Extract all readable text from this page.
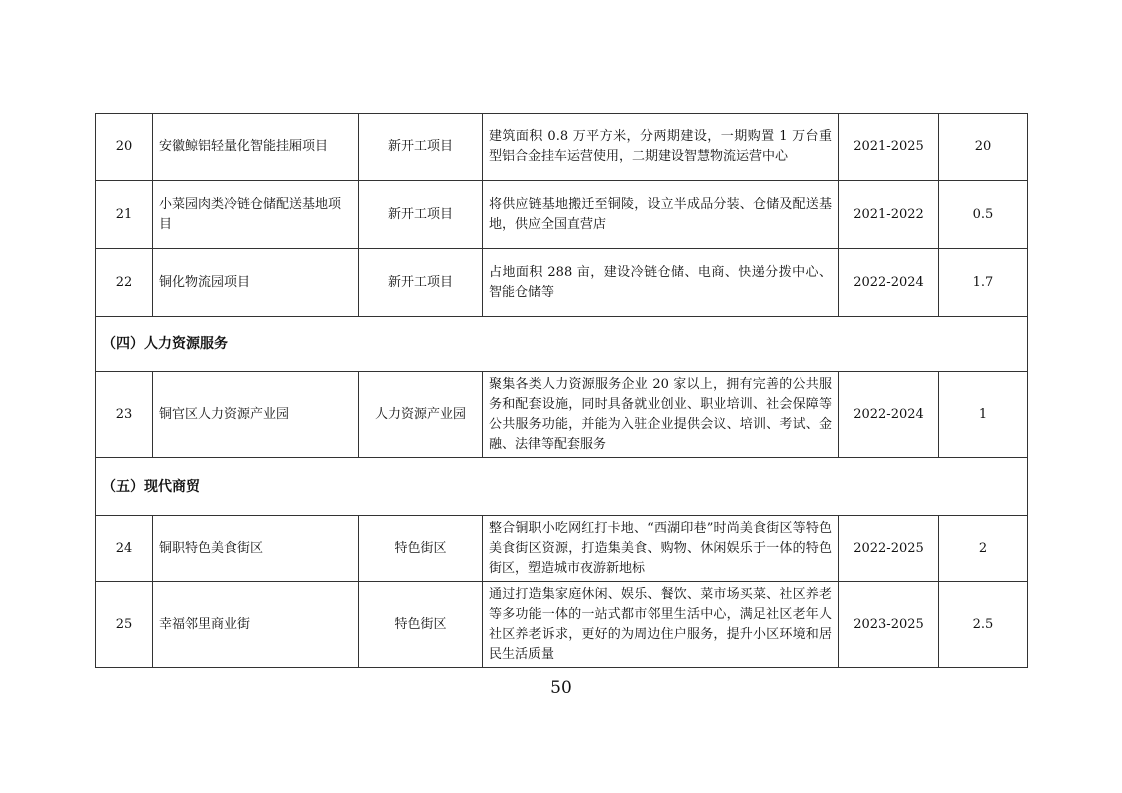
20	安徽鲸铝轻量化智能挂厢项目	新开工项目	建筑面积 0.8 万平方米，分两期建设，一期购置 1 万台重型铝合金挂车运营使用，二期建设智慧物流运营中心	2021-2025	20
21	小菜园肉类冷链仓储配送基地项目	新开工项目	将供应链基地搬迁至铜陵，设立半成品分装、仓储及配送基地，供应全国直营店	2021-2022	0.5
22	铜化物流园项目	新开工项目	占地面积 288 亩，建设冷链仓储、电商、快递分拨中心、智能仓储等	2022-2024	1.7
（四）人力资源服务					
23	铜官区人力资源产业园	人力资源产业园	聚集各类人力资源服务企业 20 家以上，拥有完善的公共服务和配套设施，同时具备就业创业、职业培训、社会保障等公共服务功能，并能为入驻企业提供会议、培训、考试、金融、法律等配套服务	2022-2024	1
（五）现代商贸					
24	铜职特色美食街区	特色街区	整合铜职小吃网红打卡地、“西湖印巷”时尚美食街区等特色美食街区资源，打造集美食、购物、休闲娱乐于一体的特色街区，塑造城市夜游新地标	2022-2025	2
25	幸福邻里商业街	特色街区	通过打造集家庭休闲、娱乐、餐饮、菜市场买菜、社区养老等多功能一体的一站式都市邻里生活中心，满足社区老年人社区养老诉求，更好的为周边住户服务，提升小区环境和居民生活质量	2023-2025	2.5
50
